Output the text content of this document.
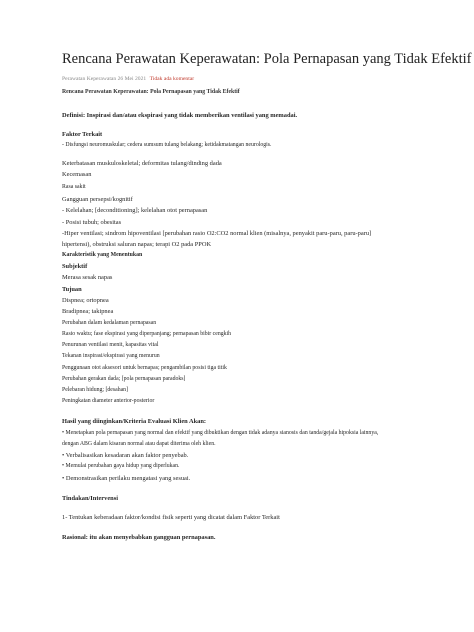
Rencana Perawatan Keperawatan: Pola Pernapasan yang Tidak Efektif
Perawatan Keperawatan 26 Mei 2021 Tidak ada komentar
Rencana Perawatan Keperawatan: Pola Pernapasan yang Tidak Efektif
Definisi: Inspirasi dan/atau ekspirasi yang tidak memberikan ventilasi yang memadai.
Faktor Terkait
- Disfungsi neuromuskular; cedera sumsum tulang belakang; ketidakmatangan neurologis.
Keterbatasan muskuloskeletal; deformitas tulang/dinding dada
Kecemasan
Rasa sakit
Gangguan persepsi/kognitif
- Kelelahan; [deconditioning]; kelelahan otot pernapasan
- Posisi tubuh; obesitas
-Hiper ventilasi; sindrom hipoventilasi [perubahan rasio O2:CO2 normal klien (misalnya, penyakit paru-paru, paru-paru]
hipertensi), obstruksi saluran napas; terapi O2 pada PPOK
Karakteristik yang Menentukan
Subjektif
Merasa sesak napas
Tujuan
Dispnea; ortopnea
Bradipnea; takipnea
Perubahan dalam kedalaman pernapasan
Rasio waktu; fase ekspirasi yang diperpanjang; pernapasan bibir cengkih
Penurunan ventilasi menit, kapasitas vital
Tekanan inspirasi/ekspirasi yang menurun
Penggunaan otot aksesori untuk bernapas; pengambilan posisi tiga titik
Perubahan gerakan dada; [pola pernapasan paradoks]
Pelebaran hidung; [desahan]
Peningkatan diameter anterior-posterior
Hasil yang diinginkan/Kriteria Evaluasi Klien Akan:
• Menetapkan pola pernapasan yang normal dan efektif yang dibuktikan dengan tidak adanya sianosis dan tanda/gejala hipoksia lainnya,
dengan ABG dalam kisaran normal atau dapat diterima oleh klien.
• Verbalisasikan kesadaran akan faktor penyebab.
• Memulai perubahan gaya hidup yang diperlukan.
• Demonstrasikan perilaku mengatasi yang sesuai.
Tindakan/Intervensi
1- Tentukan keberadaan faktor/kondisi fisik seperti yang dicatat dalam Faktor Terkait
Rasional: itu akan menyebabkan gangguan pernapasan.
